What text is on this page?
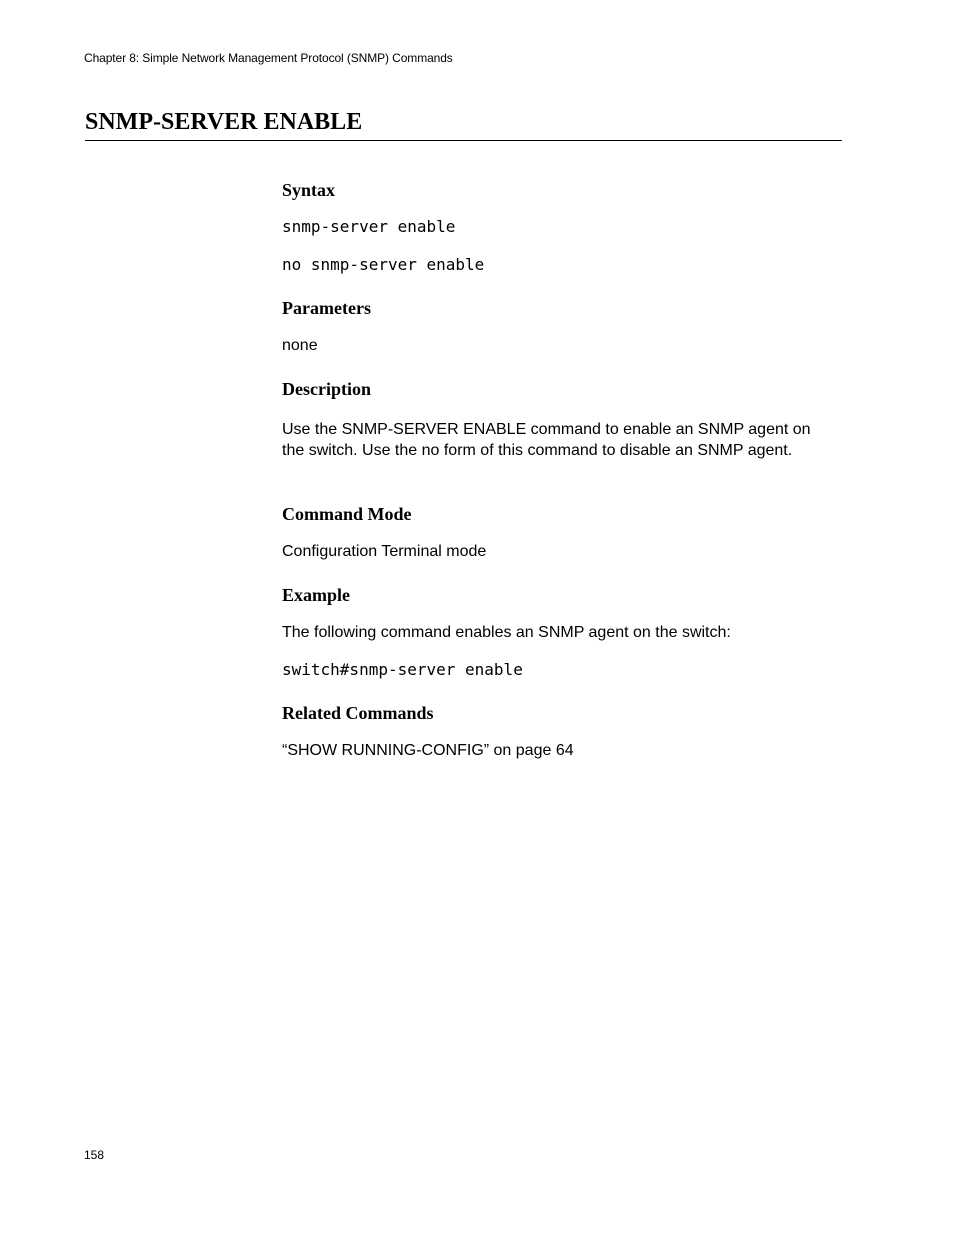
Chapter 8: Simple Network Management Protocol (SNMP) Commands
SNMP-SERVER ENABLE
Syntax
snmp-server enable
no snmp-server enable
Parameters

none

Description

Use the SNMP-SERVER ENABLE command to enable an SNMP agent on the switch. Use the no form of this command to disable an SNMP agent.

Command Mode

Configuration Terminal mode

Example

The following command enables an SNMP agent on the switch:

switch#snmp-server enable
Related Commands

“SHOW RUNNING-CONFIG” on page 64

158
